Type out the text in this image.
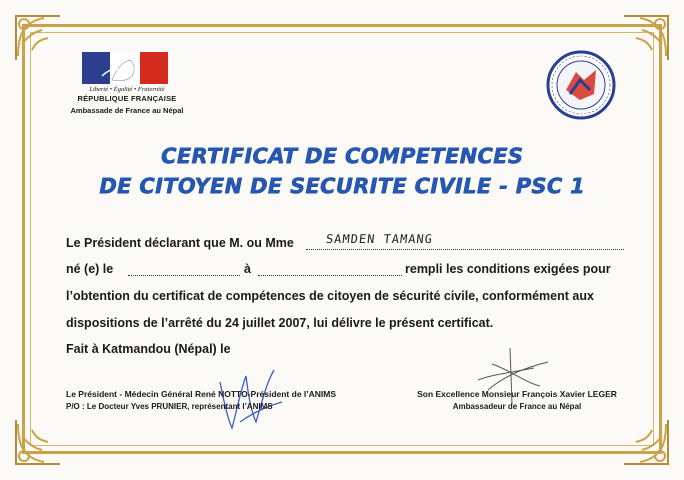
Liberté • Égalité • Fraternité
RÉPUBLIQUE FRANÇAISE
Ambassade de France au Népal
CERTIFICAT DE COMPETENCES
DE CITOYEN DE SECURITE CIVILE - PSC 1
Le Président déclarant que M. ou Mme	SAMDEN TAMANG
né (e) le	à	rempli les conditions exigées pour
l’obtention du certificat de compétences de citoyen de sécurité civile, conformément aux
dispositions de l’arrêté du 24 juillet 2007, lui délivre le présent certificat.
Fait à Katmandou (Népal) le
Le Président - Médecin Général René NOTTO-Président de l’ANIMS
P/O : Le Docteur Yves PRUNIER, représentant l’ANIMS
Son Excellence Monsieur François Xavier LEGER
Ambassadeur de France au Népal
